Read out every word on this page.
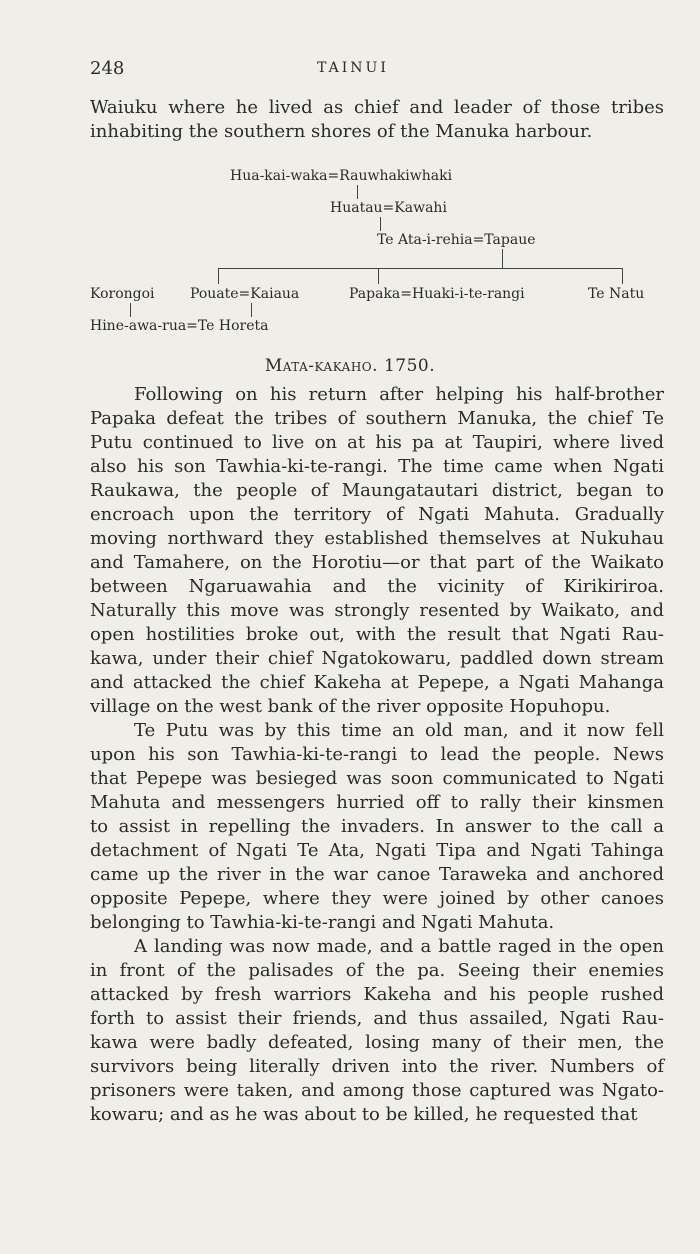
248	TAINUI

Waiuku where he lived as chief and leader of those tribes
inhabiting the southern shores of the Manuka harbour.

Hua-kai-waka=Rauwhakiwhaki
Huatau=Kawahi
Te Ata-i-rehia=Tapaue
Korongoi	Pouate=Kaiaua	Papaka=Huaki-i-te-rangi	Te Natu
Hine-awa-rua=Te Horeta
Mata-kakaho. 1750.

Following on his return after helping his half-brother
Papaka defeat the tribes of southern Manuka, the chief Te
Putu continued to live on at his pa at Taupiri, where lived
also his son Tawhia-ki-te-rangi. The time came when Ngati
Raukawa, the people of Maungatautari district, began to
encroach upon the territory of Ngati Mahuta. Gradually
moving northward they established themselves at Nukuhau
and Tamahere, on the Horotiu—or that part of the Waikato
between Ngaruawahia and the vicinity of Kirikiriroa.
Naturally this move was strongly resented by Waikato, and
open hostilities broke out, with the result that Ngati Rau-
kawa, under their chief Ngatokowaru, paddled down stream
and attacked the chief Kakeha at Pepepe, a Ngati Mahanga
village on the west bank of the river opposite Hopuhopu.

Te Putu was by this time an old man, and it now fell
upon his son Tawhia-ki-te-rangi to lead the people. News
that Pepepe was besieged was soon communicated to Ngati
Mahuta and messengers hurried off to rally their kinsmen
to assist in repelling the invaders. In answer to the call a
detachment of Ngati Te Ata, Ngati Tipa and Ngati Tahinga
came up the river in the war canoe Taraweka and anchored
opposite Pepepe, where they were joined by other canoes
belonging to Tawhia-ki-te-rangi and Ngati Mahuta.

A landing was now made, and a battle raged in the open
in front of the palisades of the pa. Seeing their enemies
attacked by fresh warriors Kakeha and his people rushed
forth to assist their friends, and thus assailed, Ngati Rau-
kawa were badly defeated, losing many of their men, the
survivors being literally driven into the river. Numbers of
prisoners were taken, and among those captured was Ngato-
kowaru; and as he was about to be killed, he requested that
